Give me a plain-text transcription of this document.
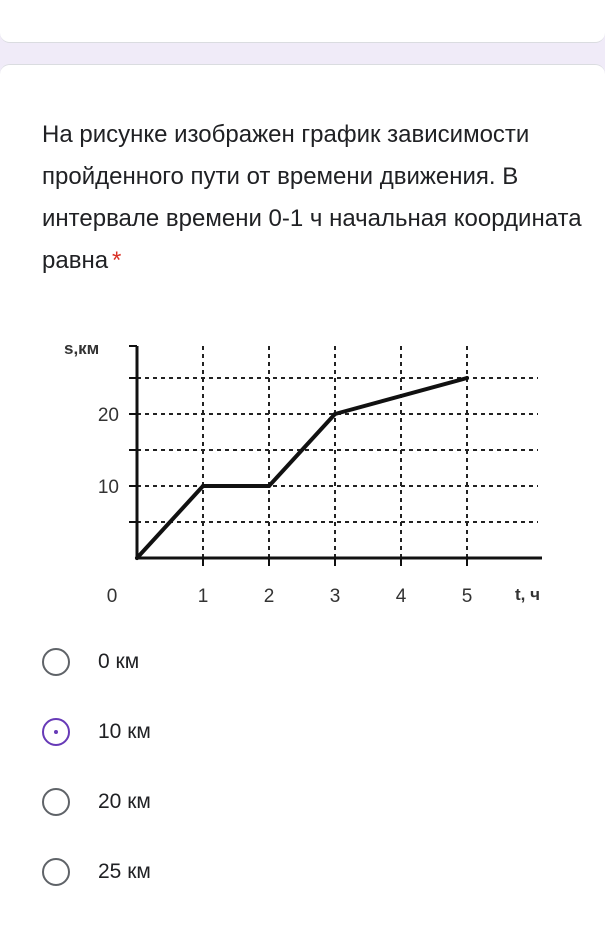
На рисунке изображен график зависимости пройденного пути от времени движения. В интервале времени 0-1 ч начальная координата равна *
10
20
1	2	3	4	5
0
s,км
t, ч
0 км
10 км
20 км
25 км
